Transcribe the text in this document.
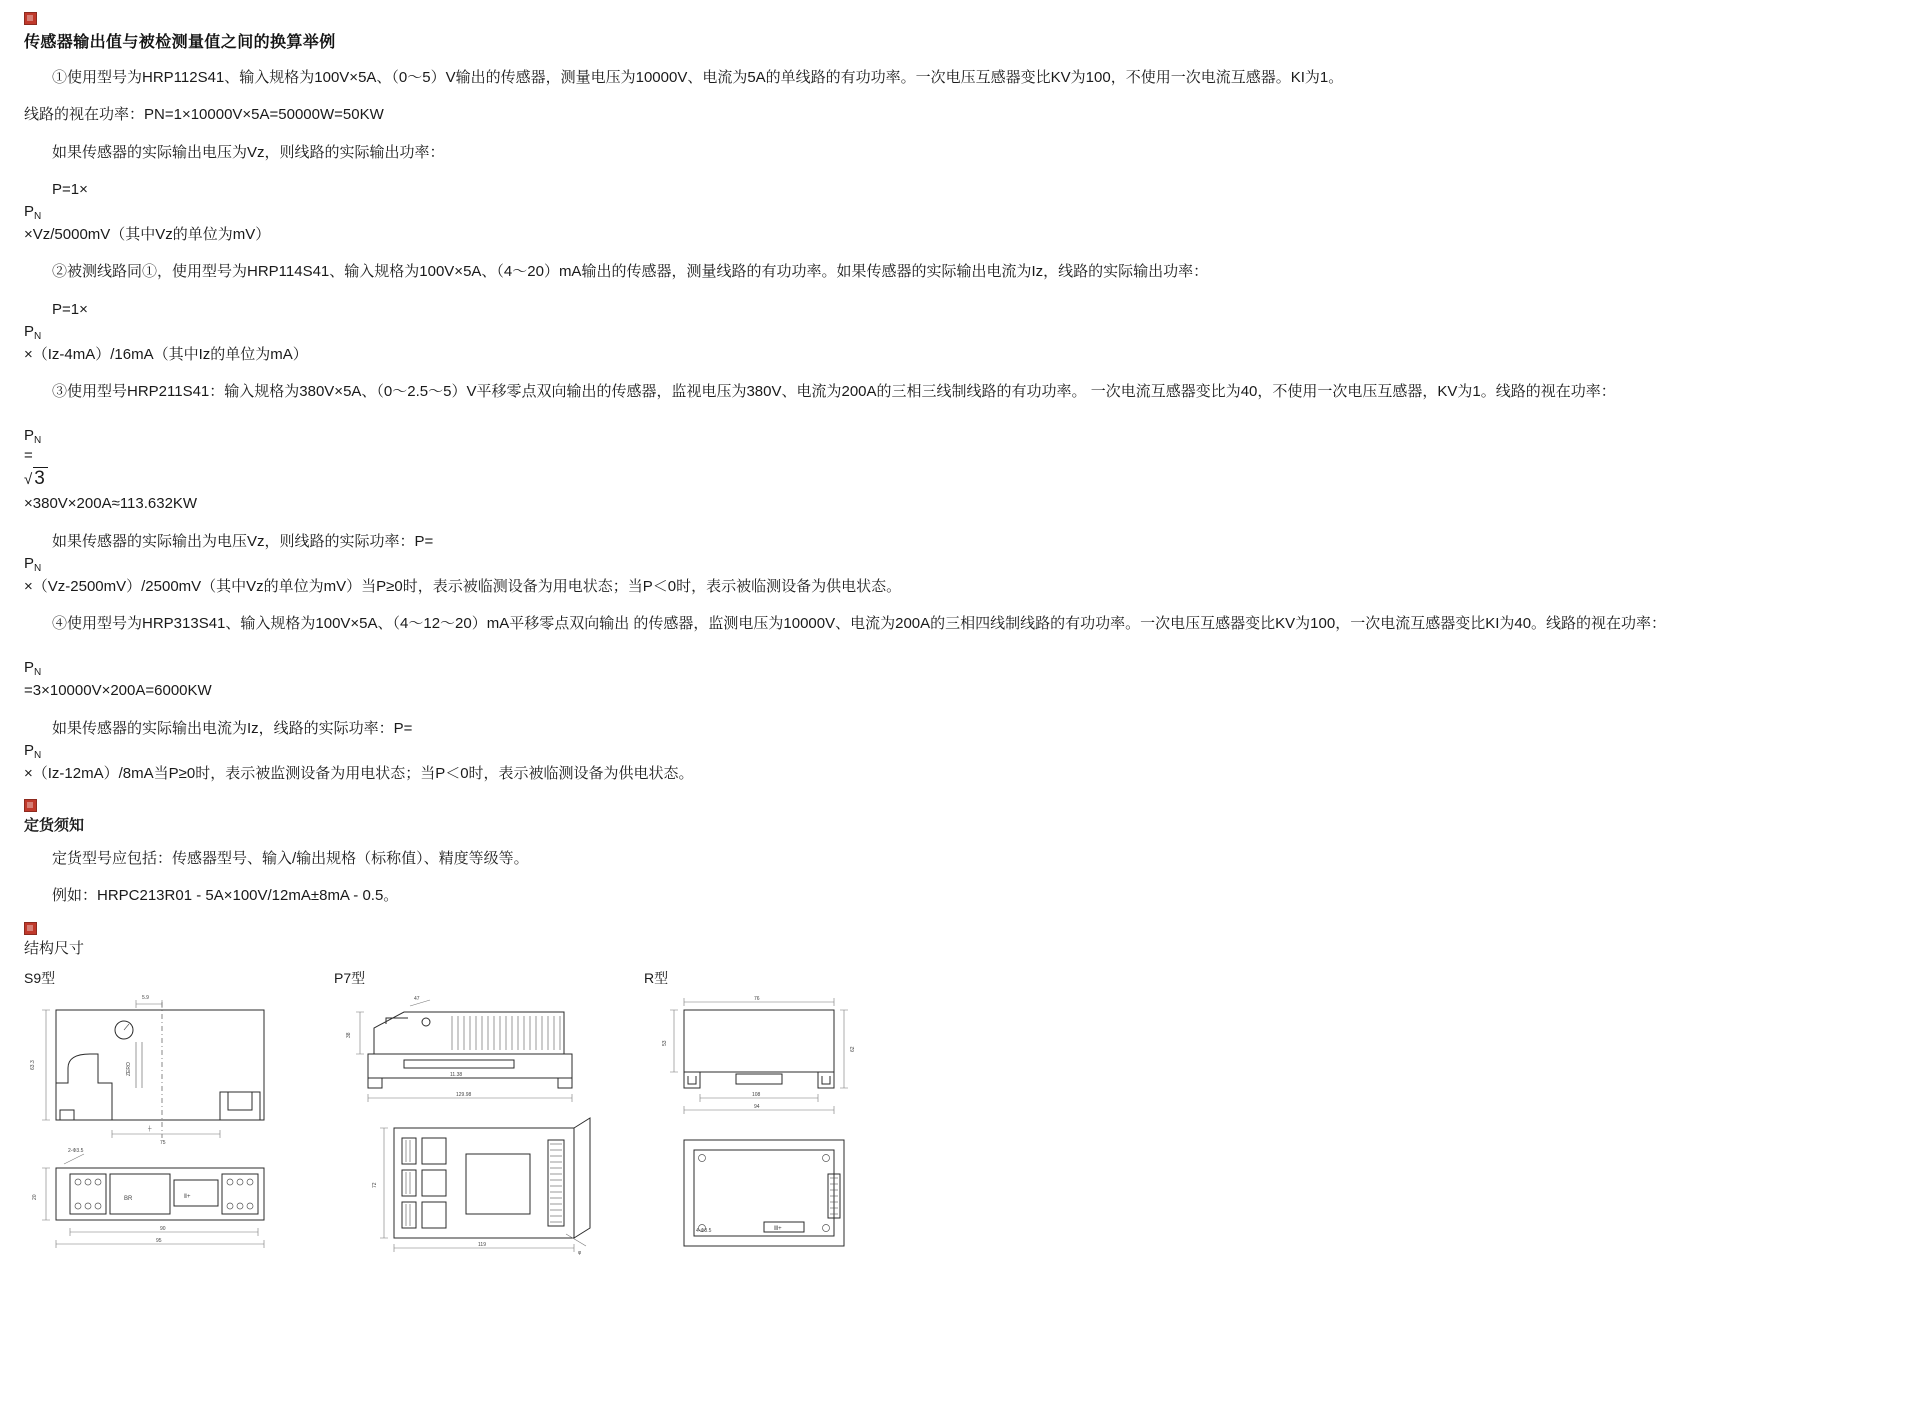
传感器输出值与被检测量值之间的换算举例

①使用型号为HRP112S41、输入规格为100V×5A、（0～5）V输出的传感器，测量电压为10000V、电流为5A的单线路的有功功率。一次电压互感器变比KV为100，不使用一次电流互感器。KI为1。

线路的视在功率：PN=1×10000V×5A=50000W=50KW

如果传感器的实际输出电压为Vz，则线路的实际输出功率：

P=1×

$P_N$

×Vz/5000mV（其中Vz的单位为mV）

②被测线路同①，使用型号为HRP114S41、输入规格为100V×5A、（4～20）mA输出的传感器，测量线路的有功功率。如果传感器的实际输出电流为Iz，线路的实际输出功率：

P=1×

$P_N$

×（Iz-4mA）/16mA（其中Iz的单位为mA）

③使用型号HRP211S41：输入规格为380V×5A、（0～2.5～5）V平移零点双向输出的传感器，监视电压为380V、电流为200A的三相三线制线路的有功功率。 一次电流互感器变比为40，不使用一次电压互感器，KV为1。线路的视在功率：

$P_N$

=

√ 3

×380V×200A≈113.632KW

如果传感器的实际输出为电压Vz，则线路的实际功率：P=

$P_N$

×（Vz-2500mV）/2500mV（其中Vz的单位为mV）当P≥0时，表示被临测设备为用电状态；当P＜0时，表示被临测设备为供电状态。

④使用型号为HRP313S41、输入规格为100V×5A、（4～12～20）mA平移零点双向输出 的传感器，监测电压为10000V、电流为200A的三相四线制线路的有功功率。一次电压互感器变比KV为100，一次电流互感器变比KI为40。线路的视在功率：

$P_N$

=3×10000V×200A=6000KW

如果传感器的实际输出电流为Iz，线路的实际功率：P=

$P_N$

×（Iz-12mA）/8mA当P≥0时，表示被监测设备为用电状态；当P＜0时，表示被临测设备为供电状态。

定货须知

定货型号应包括：传感器型号、输入/输出规格（标称值）、精度等级等。

例如：HRPC213R01 - 5A×100V/12mA±8mA - 0.5。

结构尺寸
S9型
5.9
63.3	ZERO
75
┼
BR	Ⅱ+
20
2-Φ3.5
90
95
P7型
47
38
11.38
129.98
72
119
φ
R型
76
53
62
108
94
4-Φ3.5	Ⅲ+
